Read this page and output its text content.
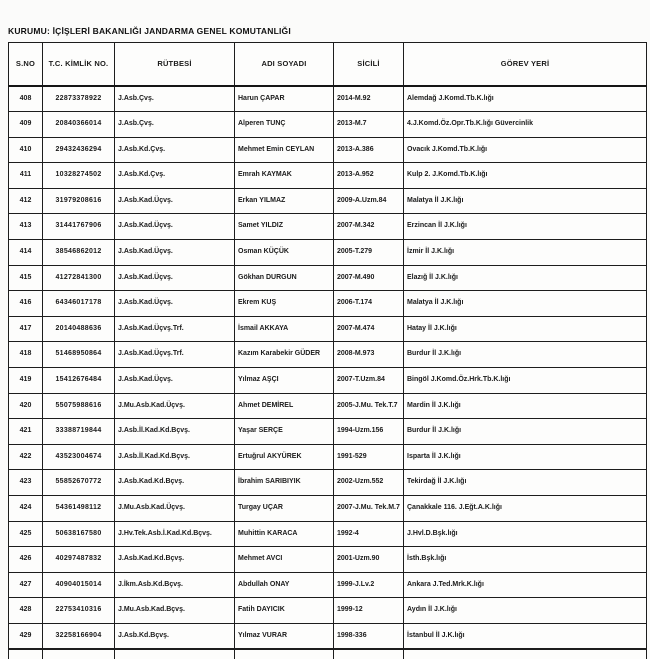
KURUMU: İÇİŞLERİ BAKANLIĞI JANDARMA GENEL KOMUTANLIĞI
S.NO	T.C. KİMLİK NO.	RÜTBESİ	ADI SOYADI	SİCİLİ	GÖREV YERİ
408	22873378922	J.Asb.Çvş.	Harun ÇAPAR	2014-M.92	Alemdağ J.Komd.Tb.K.lığı
409	20840366014	J.Asb.Çvş.	Alperen TUNÇ	2013-M.7	4.J.Komd.Öz.Opr.Tb.K.lığı Güvercinlik
410	29432436294	J.Asb.Kd.Çvş.	Mehmet Emin CEYLAN	2013-A.386	Ovacık J.Komd.Tb.K.lığı
411	10328274502	J.Asb.Kd.Çvş.	Emrah KAYMAK	2013-A.952	Kulp 2. J.Komd.Tb.K.lığı
412	31979208616	J.Asb.Kad.Üçvş.	Erkan YILMAZ	2009-A.Uzm.84	Malatya İl J.K.lığı
413	31441767906	J.Asb.Kad.Üçvş.	Samet YILDIZ	2007-M.342	Erzincan İl J.K.lığı
414	38546862012	J.Asb.Kad.Üçvş.	Osman KÜÇÜK	2005-T.279	İzmir İl J.K.lığı
415	41272841300	J.Asb.Kad.Üçvş.	Gökhan DURGUN	2007-M.490	Elazığ İl J.K.lığı
416	64346017178	J.Asb.Kad.Üçvş.	Ekrem KUŞ	2006-T.174	Malatya İl J.K.lığı
417	20140488636	J.Asb.Kad.Üçvş.Trf.	İsmail AKKAYA	2007-M.474	Hatay İl J.K.lığı
418	51468950864	J.Asb.Kad.Üçvş.Trf.	Kazım Karabekir GÜDER	2008-M.973	Burdur İl J.K.lığı
419	15412676484	J.Asb.Kad.Üçvş.	Yılmaz AŞÇI	2007-T.Uzm.84	Bingöl J.Komd.Öz.Hrk.Tb.K.lığı
420	55075988616	J.Mu.Asb.Kad.Üçvş.	Ahmet DEMİREL	2005-J.Mu. Tek.T.7	Mardin İl J.K.lığı
421	33388719844	J.Asb.İl.Kad.Kd.Bçvş.	Yaşar SERÇE	1994-Uzm.156	Burdur İl J.K.lığı
422	43523004674	J.Asb.İl.Kad.Kd.Bçvş.	Ertuğrul AKYÜREK	1991-529	Isparta İl J.K.lığı
423	55852670772	J.Asb.Kad.Kd.Bçvş.	İbrahim SARIBIYIK	2002-Uzm.552	Tekirdağ İl J.K.lığı
424	54361498112	J.Mu.Asb.Kad.Üçvş.	Turgay UÇAR	2007-J.Mu. Tek.M.7	Çanakkale 116. J.Eğt.A.K.lığı
425	50638167580	J.Hv.Tek.Asb.İ.Kad.Kd.Bçvş.	Muhittin KARACA	1992-4	J.Hvl.D.Bşk.lığı
426	40297487832	J.Asb.Kad.Kd.Bçvş.	Mehmet AVCI	2001-Uzm.90	İsth.Bşk.lığı
427	40904015014	J.İkm.Asb.Kd.Bçvş.	Abdullah ONAY	1999-J.Lv.2	Ankara J.Ted.Mrk.K.lığı
428	22753410316	J.Mu.Asb.Kad.Bçvş.	Fatih DAYICIK	1999-12	Aydın İl J.K.lığı
429	32258166904	J.Asb.Kd.Bçvş.	Yılmaz VURAR	1998-336	İstanbul İl J.K.lığı
